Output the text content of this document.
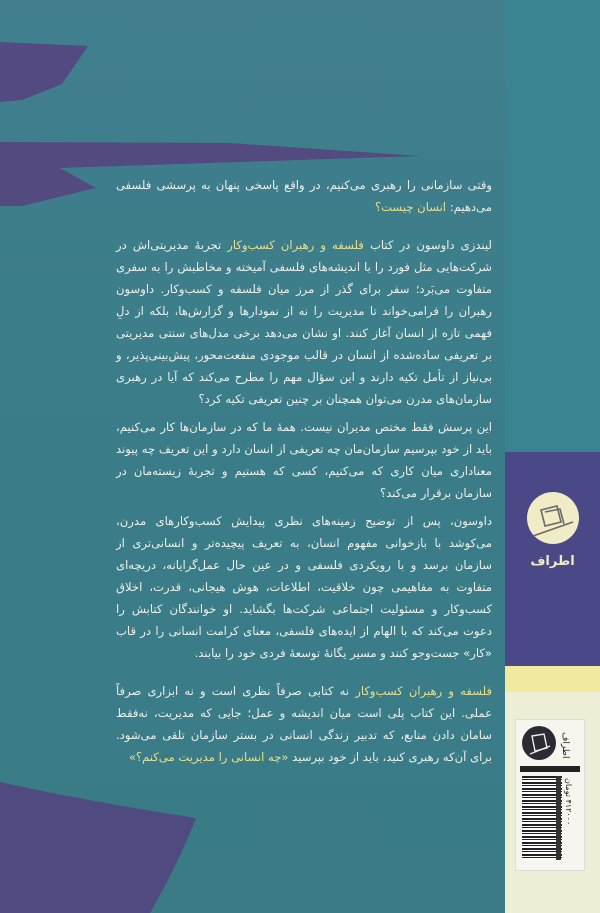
وقتی سازمانی را رهبری می‌کنیم، در واقع پاسخی پنهان به پرسشی فلسفی می‌دهیم: انسان چیست؟

لیندزی داوسون در کتاب فلسفه و رهبران کسب‌وکار تجربهٔ مدیریتی‌اش در شرکت‌هایی مثل فورد را با اندیشه‌های فلسفی آمیخته و مخاطبش را به سفری متفاوت می‌بَرد؛ سفر برای گذر از مرز میان فلسفه و کسب‌وکار. داوسون رهبران را فرامی‌خواند تا مدیریت را نه از نمودارها و گزارش‌ها، بلکه از دلِ فهمی تازه از انسان آغاز کنند. او نشان می‌دهد برخی مدل‌های سنتی مدیریتی بر تعریفی ساده‌شده از انسان در قالب موجودی منفعت‌محور، پیش‌بینی‌پذیر، و بی‌نیاز از تأمل تکیه دارند و این سؤال مهم را مطرح می‌کند که آیا در رهبری سازمان‌های مدرن می‌توان همچنان بر چنین تعریفی تکیه کرد؟

این پرسش فقط مختص مدیران نیست. همهٔ ما که در سازمان‌ها کار می‌کنیم، باید از خود بپرسیم سازمان‌مان چه تعریفی از انسان دارد و این تعریف چه پیوند معناداری میان کاری که می‌کنیم، کسی که هستیم و تجربهٔ زیسته‌مان در سازمان برقرار می‌کند؟

داوسون، پس از توضیح زمینه‌های نظری پیدایش کسب‌وکارهای مدرن، می‌کوشد با بازخوانی مفهوم انسان، به تعریف پیچیده‌تر و انسانی‌تری از سازمان برسد و با رویکردی فلسفی و در عین حال عمل‌گرایانه، دریچه‌ای متفاوت به مفاهیمی چون خلاقیت، اطلاعات، هوش هیجانی، قدرت، اخلاق کسب‌وکار و مسئولیت اجتماعی شرکت‌ها بگشاید. او خوانندگان کتابش را دعوت می‌کند که با الهام از ایده‌های فلسفی، معنای کرامت انسانی را در قاب «کار» جست‌وجو کنند و مسیر یگانهٔ توسعهٔ فردی خود را بیابند.

فلسفه و رهبران کسب‌وکار نه کتابی صرفاً نظری است و نه ابزاری صرفاً عملی. این کتاب پلی است میان اندیشه و عمل؛ جایی که مدیریت، نه‌فقط سامان دادن منابع، که تدبیر زندگی انسانی در بستر سازمان تلقی می‌شود. برای آن‌که رهبری کنید، باید از خود بپرسید «چه انسانی را مدیریت می‌کنم؟»

اطراف
اطراف
۴۱۲۰۰۰ تومان
